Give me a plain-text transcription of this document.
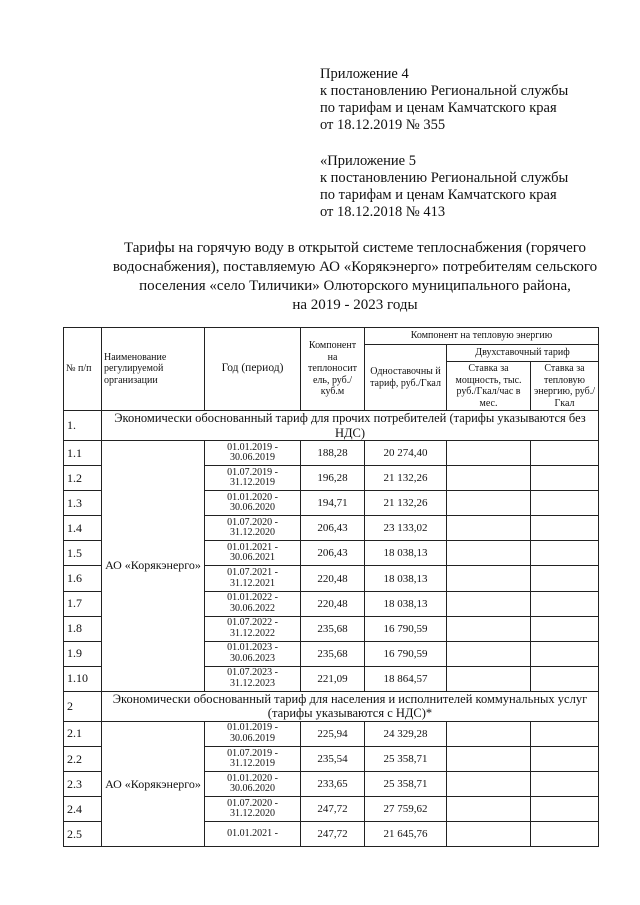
Приложение 4
к постановлению Региональной службы
по тарифам и ценам Камчатского края
от 18.12.2019 № 355
«Приложение 5
к постановлению Региональной службы
по тарифам и ценам Камчатского края
от 18.12.2018 № 413
Тарифы на горячую воду в открытой системе теплоснабжения (горячего
водоснабжения), поставляемую АО «Корякэнерго» потребителям сельского
поселения «село Тиличики» Олюторского муниципального района,
на 2019 - 2023 годы
№ п/п	Наименование регулируемой организации	Год (период)	Компонент на теплоносит ель, руб./куб.м	Компонент на тепловую энергию		
				Одноставочны й тариф, руб./Гкал	Двухставочный тариф	
					Ставка за мощность, тыс. руб./Гкал/час в мес.	Ставка за тепловую энергию, руб./Гкал
1.	Экономически обоснованный тариф для прочих потребителей (тарифы указываются без НДС)					
1.1	АО «Корякэнерго»	01.01.2019 -
30.06.2019	188,28	20 274,40		
1.2		01.07.2019 -
31.12.2019	196,28	21 132,26		
1.3		01.01.2020 -
30.06.2020	194,71	21 132,26		
1.4		01.07.2020 -
31.12.2020	206,43	23 133,02		
1.5		01.01.2021 -
30.06.2021	206,43	18 038,13		
1.6		01.07.2021 -
31.12.2021	220,48	18 038,13		
1.7		01.01.2022 -
30.06.2022	220,48	18 038,13		
1.8		01.07.2022 -
31.12.2022	235,68	16 790,59		
1.9		01.01.2023 -
30.06.2023	235,68	16 790,59		
1.10		01.07.2023 -
31.12.2023	221,09	18 864,57		
2	Экономически обоснованный тариф для населения и исполнителей коммунальных услуг (тарифы указываются с НДС)*					
2.1	АО «Корякэнерго»	01.01.2019 -
30.06.2019	225,94	24 329,28		
2.2		01.07.2019 -
31.12.2019	235,54	25 358,71		
2.3		01.01.2020 -
30.06.2020	233,65	25 358,71		
2.4		01.07.2020 -
31.12.2020	247,72	27 759,62		
2.5		01.01.2021 -	247,72	21 645,76		
